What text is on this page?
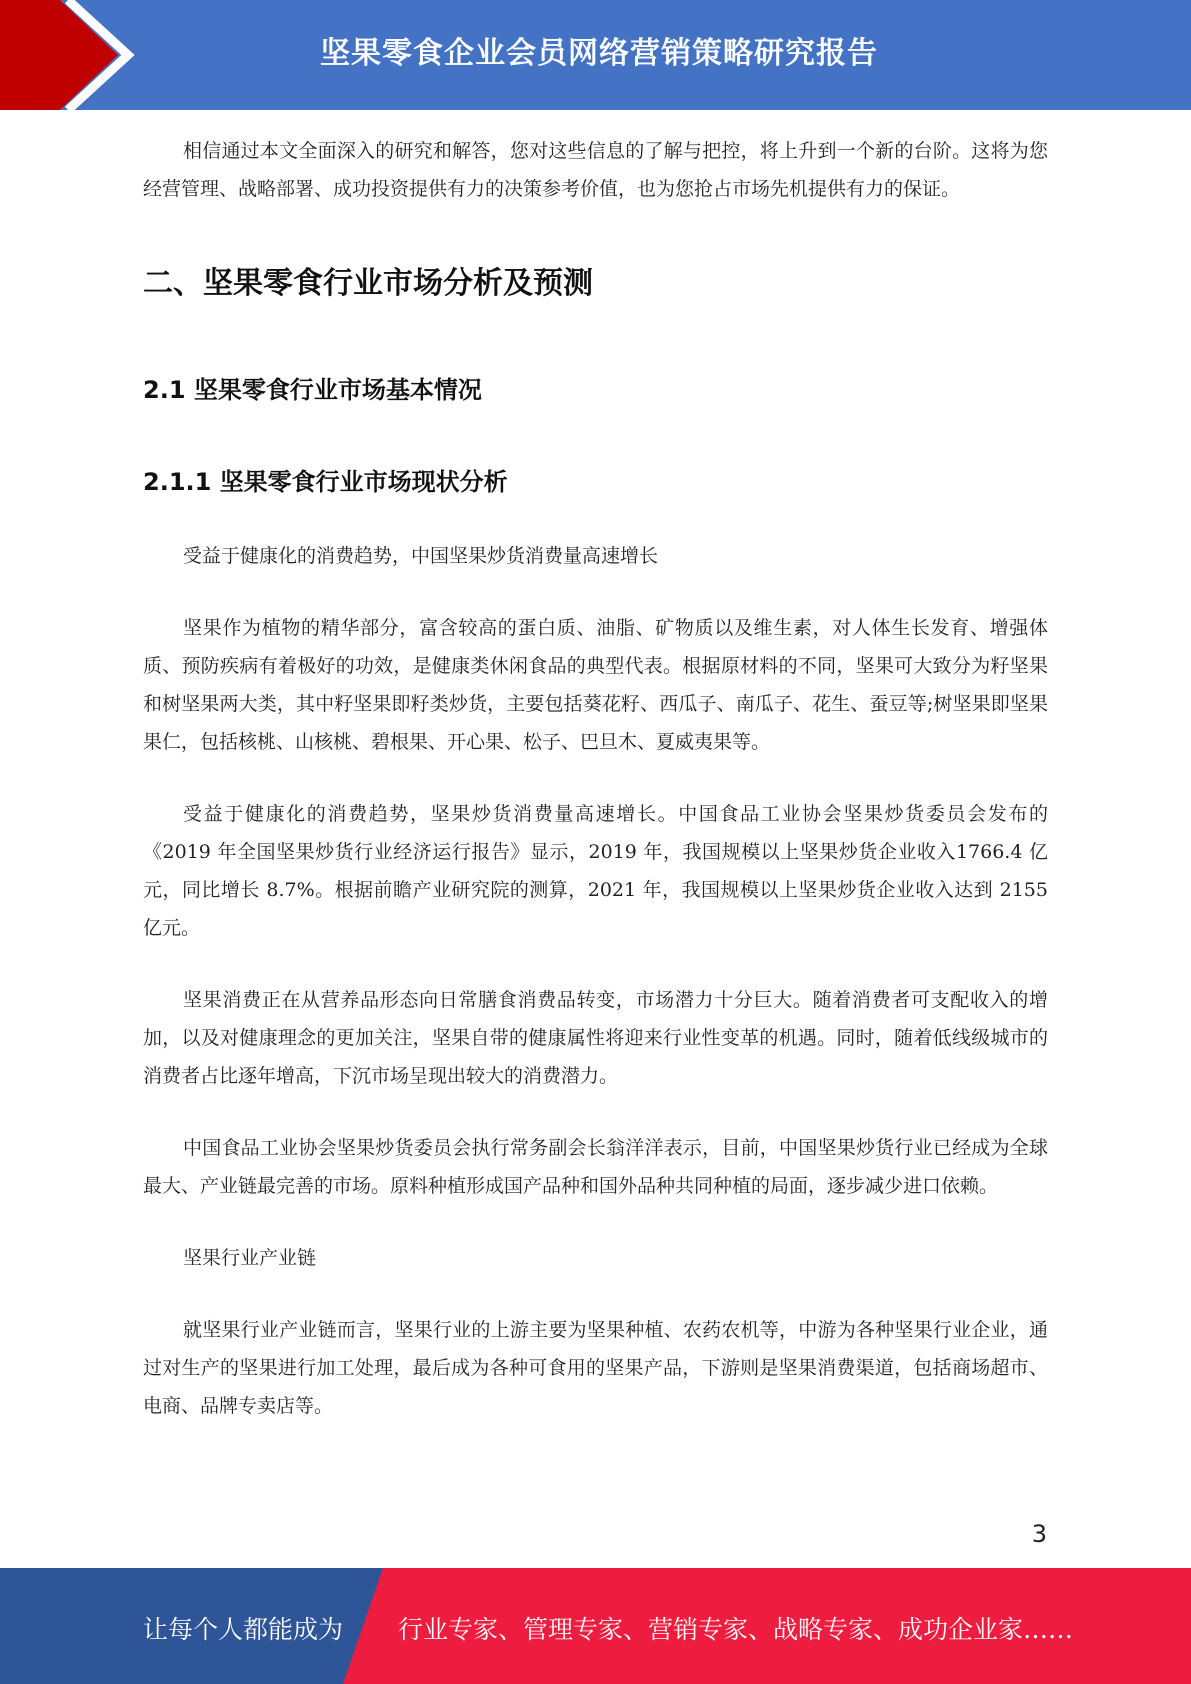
坚果零食企业会员网络营销策略研究报告

相信通过本文全面深入的研究和解答，您对这些信息的了解与把控，将上升到一个新的台阶。这将为您经营管理、战略部署、成功投资提供有力的决策参考价值，也为您抢占市场先机提供有力的保证。

二、坚果零食行业市场分析及预测
2.1 坚果零食行业市场基本情况
2.1.1 坚果零食行业市场现状分析

受益于健康化的消费趋势，中国坚果炒货消费量高速增长

坚果作为植物的精华部分，富含较高的蛋白质、油脂、矿物质以及维生素，对人体生长发育、增强体质、预防疾病有着极好的功效，是健康类休闲食品的典型代表。根据原材料的不同，坚果可大致分为籽坚果和树坚果两大类，其中籽坚果即籽类炒货，主要包括葵花籽、西瓜子、南瓜子、花生、蚕豆等;树坚果即坚果果仁，包括核桃、山核桃、碧根果、开心果、松子、巴旦木、夏威夷果等。

受益于健康化的消费趋势，坚果炒货消费量高速增长。中国食品工业协会坚果炒货委员会发布的《2019 年全国坚果炒货行业经济运行报告》显示，2019 年，我国规模以上坚果炒货企业收入1766.4 亿元，同比增长 8.7%。根据前瞻产业研究院的测算，2021 年，我国规模以上坚果炒货企业收入达到 2155 亿元。

坚果消费正在从营养品形态向日常膳食消费品转变，市场潜力十分巨大。随着消费者可支配收入的增加，以及对健康理念的更加关注，坚果自带的健康属性将迎来行业性变革的机遇。同时，随着低线级城市的消费者占比逐年增高，下沉市场呈现出较大的消费潜力。

中国食品工业协会坚果炒货委员会执行常务副会长翁洋洋表示，目前，中国坚果炒货行业已经成为全球最大、产业链最完善的市场。原料种植形成国产品种和国外品种共同种植的局面，逐步减少进口依赖。

坚果行业产业链

就坚果行业产业链而言，坚果行业的上游主要为坚果种植、农药农机等，中游为各种坚果行业企业，通过对生产的坚果进行加工处理，最后成为各种可食用的坚果产品，下游则是坚果消费渠道，包括商场超市、电商、品牌专卖店等。

3
让每个人都能成为 行业专家、管理专家、营销专家、战略专家、成功企业家……
